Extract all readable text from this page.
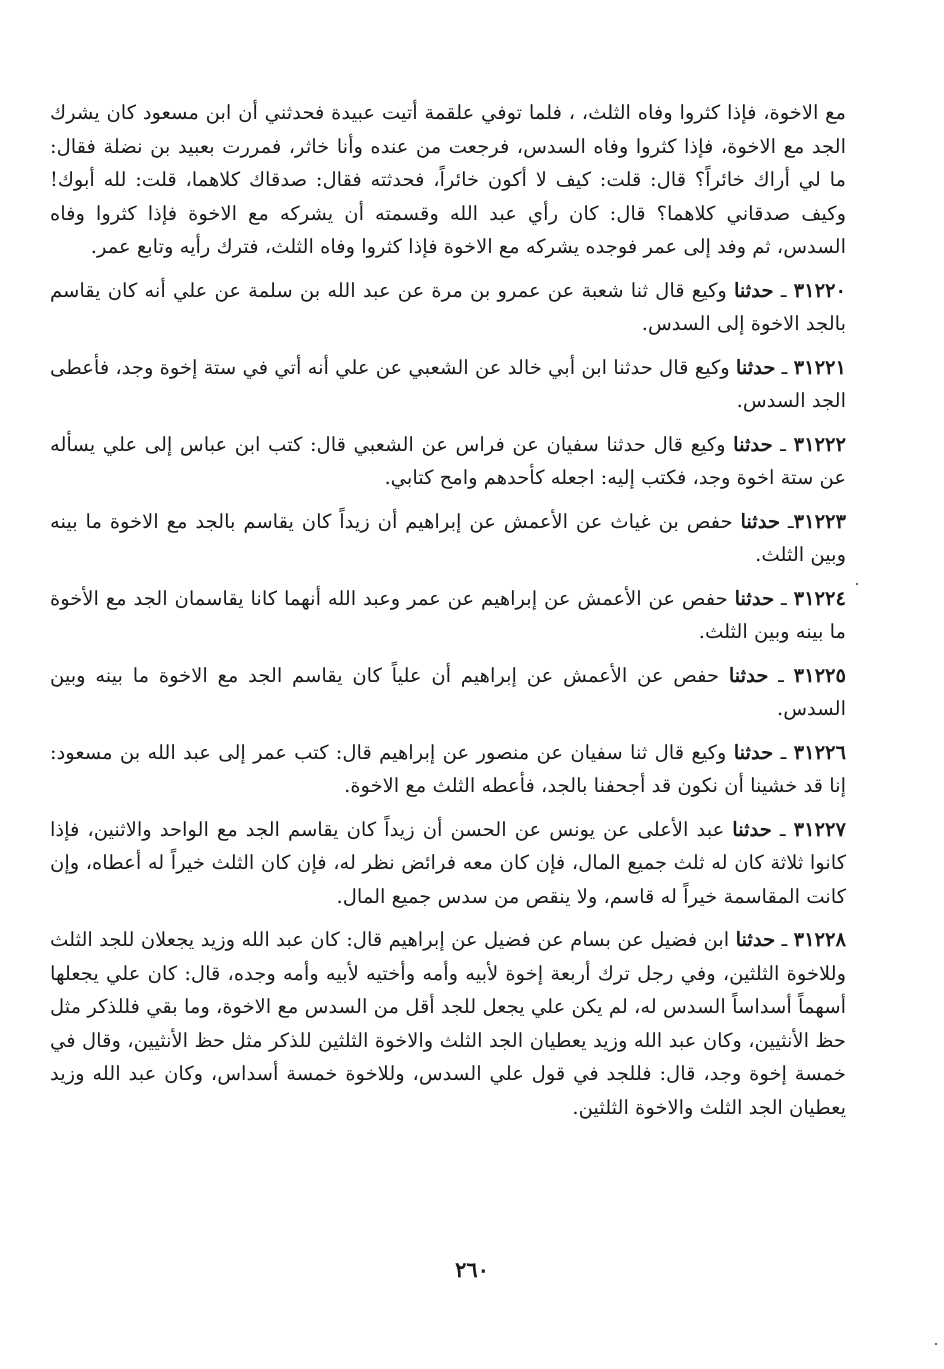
مع الاخوة، فإذا كثروا وفاه الثلث، ، فلما توفي علقمة أتيت عبيدة فحدثني أن ابن مسعود كان يشرك الجد مع الاخوة، فإذا كثروا وفاه السدس، فرجعت من عنده وأنا خاثر، فمررت بعبيد بن نضلة فقال: ما لي أراك خائراً؟ قال: قلت: كيف لا أكون خائراً، فحدثته فقال: صدقاك كلاهما، قلت: لله أبوك! وكيف صدقاني كلاهما؟ قال: كان رأي عبد الله وقسمته أن يشركه مع الاخوة فإذا كثروا وفاه السدس، ثم وفد إلى عمر فوجده يشركه مع الاخوة فإذا كثروا وفاه الثلث، فترك رأيه وتابع عمر.

٣١٢٢٠ ـ حدثنا وكيع قال ثنا شعبة عن عمرو بن مرة عن عبد الله بن سلمة عن علي أنه كان يقاسم بالجد الاخوة إلى السدس.

٣١٢٢١ ـ حدثنا وكيع قال حدثنا ابن أبي خالد عن الشعبي عن علي أنه أتي في ستة إخوة وجد، فأعطى الجد السدس.

٣١٢٢٢ ـ حدثنا وكيع قال حدثنا سفيان عن فراس عن الشعبي قال: كتب ابن عباس إلى علي يسأله عن ستة اخوة وجد، فكتب إليه: اجعله كأحدهم وامح كتابي.

٣١٢٢٣ـ حدثنا حفص بن غياث عن الأعمش عن إبراهيم أن زيداً كان يقاسم بالجد مع الاخوة ما بينه وبين الثلث.

٣١٢٢٤ ـ حدثنا حفص عن الأعمش عن إبراهيم عن عمر وعبد الله أنهما كانا يقاسمان الجد مع الأخوة ما بينه وبين الثلث.

٣١٢٢٥ ـ حدثنا حفص عن الأعمش عن إبراهيم أن علياً كان يقاسم الجد مع الاخوة ما بينه وبين السدس.

٣١٢٢٦ ـ حدثنا وكيع قال ثنا سفيان عن منصور عن إبراهيم قال: كتب عمر إلى عبد الله بن مسعود: إنا قد خشينا أن نكون قد أجحفنا بالجد، فأعطه الثلث مع الاخوة.

٣١٢٢٧ ـ حدثنا عبد الأعلى عن يونس عن الحسن أن زيداً كان يقاسم الجد مع الواحد والاثنين، فإذا كانوا ثلاثة كان له ثلث جميع المال، فإن كان معه فرائض نظر له، فإن كان الثلث خيراً له أعطاه، وإن كانت المقاسمة خيراً له قاسم، ولا ينقص من سدس جميع المال.

٣١٢٢٨ ـ حدثنا ابن فضيل عن بسام عن فضيل عن إبراهيم قال: كان عبد الله وزيد يجعلان للجد الثلث وللاخوة الثلثين، وفي رجل ترك أربعة إخوة لأبيه وأمه وأختيه لأبيه وأمه وجده، قال: كان علي يجعلها أسهماً أسداساً السدس له، لم يكن علي يجعل للجد أقل من السدس مع الاخوة، وما بقي فللذكر مثل حظ الأنثيين، وكان عبد الله وزيد يعطيان الجد الثلث والاخوة الثلثين للذكر مثل حظ الأنثيين، وقال في خمسة إخوة وجد، قال: فللجد في قول علي السدس، وللاخوة خمسة أسداس، وكان عبد الله وزيد يعطيان الجد الثلث والاخوة الثلثين.

٢٦٠
